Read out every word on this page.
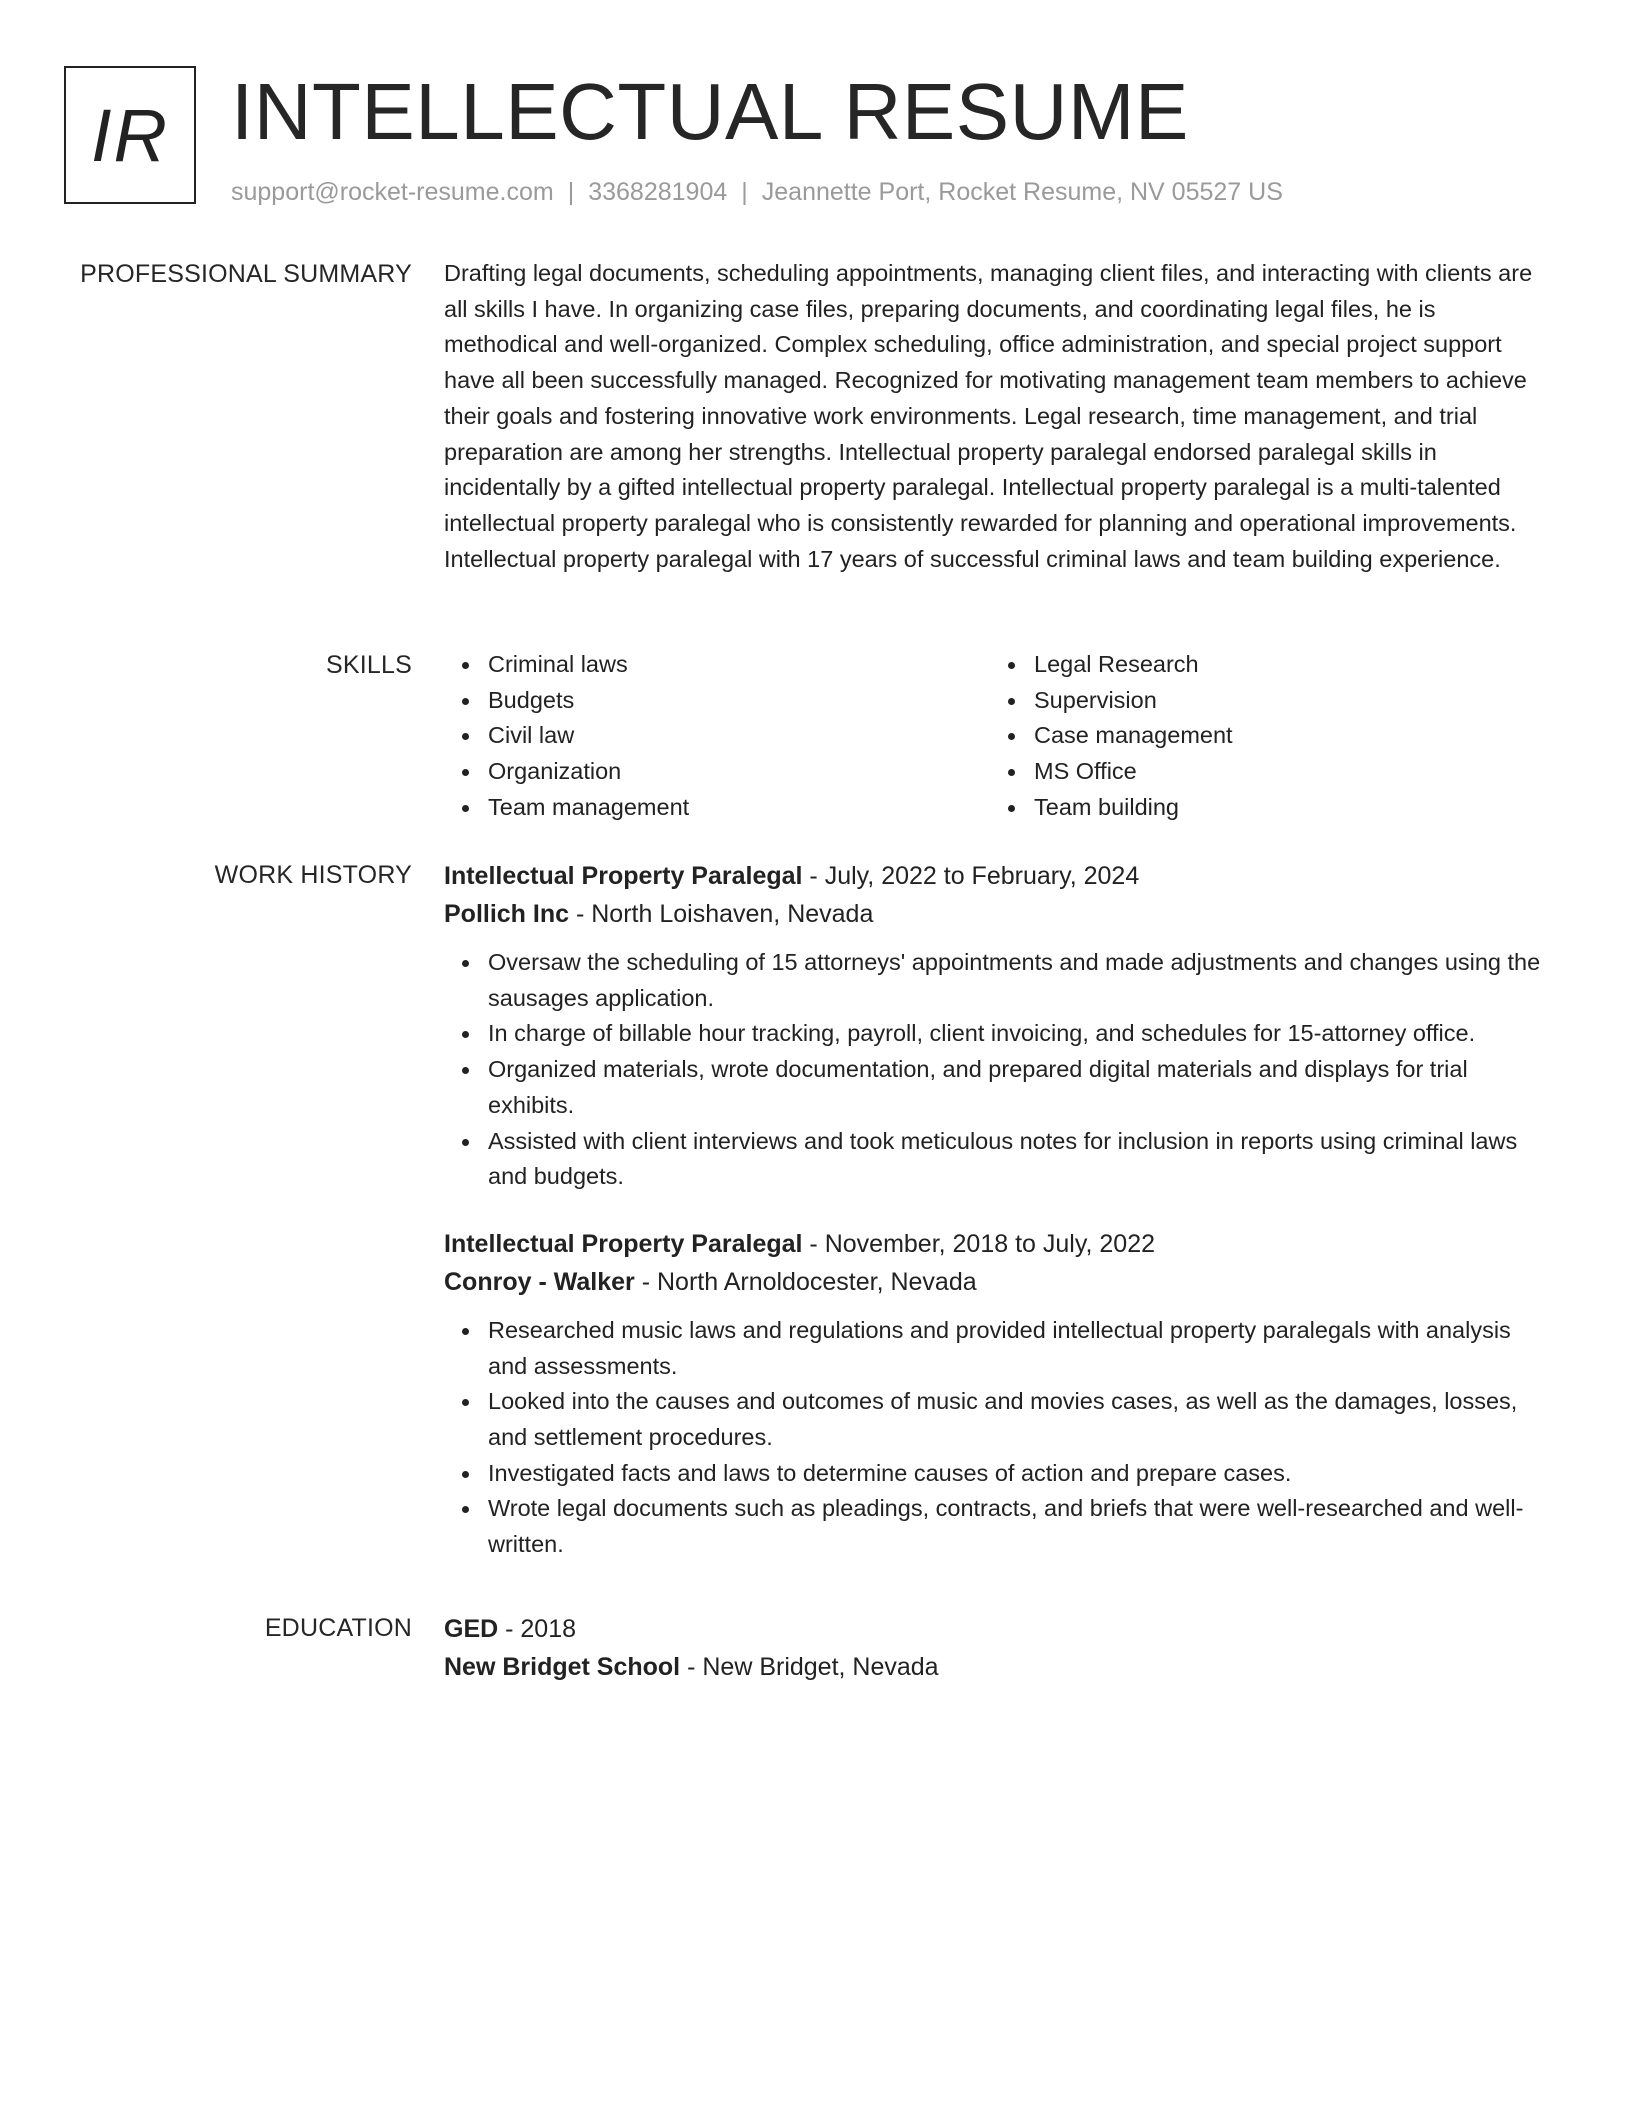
IR INTELLECTUAL RESUME
support@rocket-resume.com | 3368281904 | Jeannette Port, Rocket Resume, NV 05527 US
PROFESSIONAL SUMMARY Drafting legal documents, scheduling appointments, managing client files, and interacting with clients are all skills I have. In organizing case files, preparing documents, and coordinating legal files, he is methodical and well-organized. Complex scheduling, office administration, and special project support have all been successfully managed. Recognized for motivating management team members to achieve their goals and fostering innovative work environments. Legal research, time management, and trial preparation are among her strengths. Intellectual property paralegal endorsed paralegal skills in incidentally by a gifted intellectual property paralegal. Intellectual property paralegal is a multi-talented intellectual property paralegal who is consistently rewarded for planning and operational improvements. Intellectual property paralegal with 17 years of successful criminal laws and team building experience.

SKILLS	Criminal laws
Budgets
Civil law
Organization
Team management
Legal Research
Supervision
Case management
MS Office
Team building
WORK HISTORY Intellectual Property Paralegal - July, 2022 to February, 2024
Pollich Inc - North Loishaven, Nevada
Oversaw the scheduling of 15 attorneys' appointments and made adjustments and changes using the sausages application.
In charge of billable hour tracking, payroll, client invoicing, and schedules for 15-attorney office.
Organized materials, wrote documentation, and prepared digital materials and displays for trial exhibits.
Assisted with client interviews and took meticulous notes for inclusion in reports using criminal laws and budgets.
Intellectual Property Paralegal - November, 2018 to July, 2022
Conroy - Walker - North Arnoldocester, Nevada
Researched music laws and regulations and provided intellectual property paralegals with analysis and assessments.
Looked into the causes and outcomes of music and movies cases, as well as the damages, losses, and settlement procedures.
Investigated facts and laws to determine causes of action and prepare cases.
Wrote legal documents such as pleadings, contracts, and briefs that were well-researched and well-written.
EDUCATION GED - 2018
New Bridget School - New Bridget, Nevada
